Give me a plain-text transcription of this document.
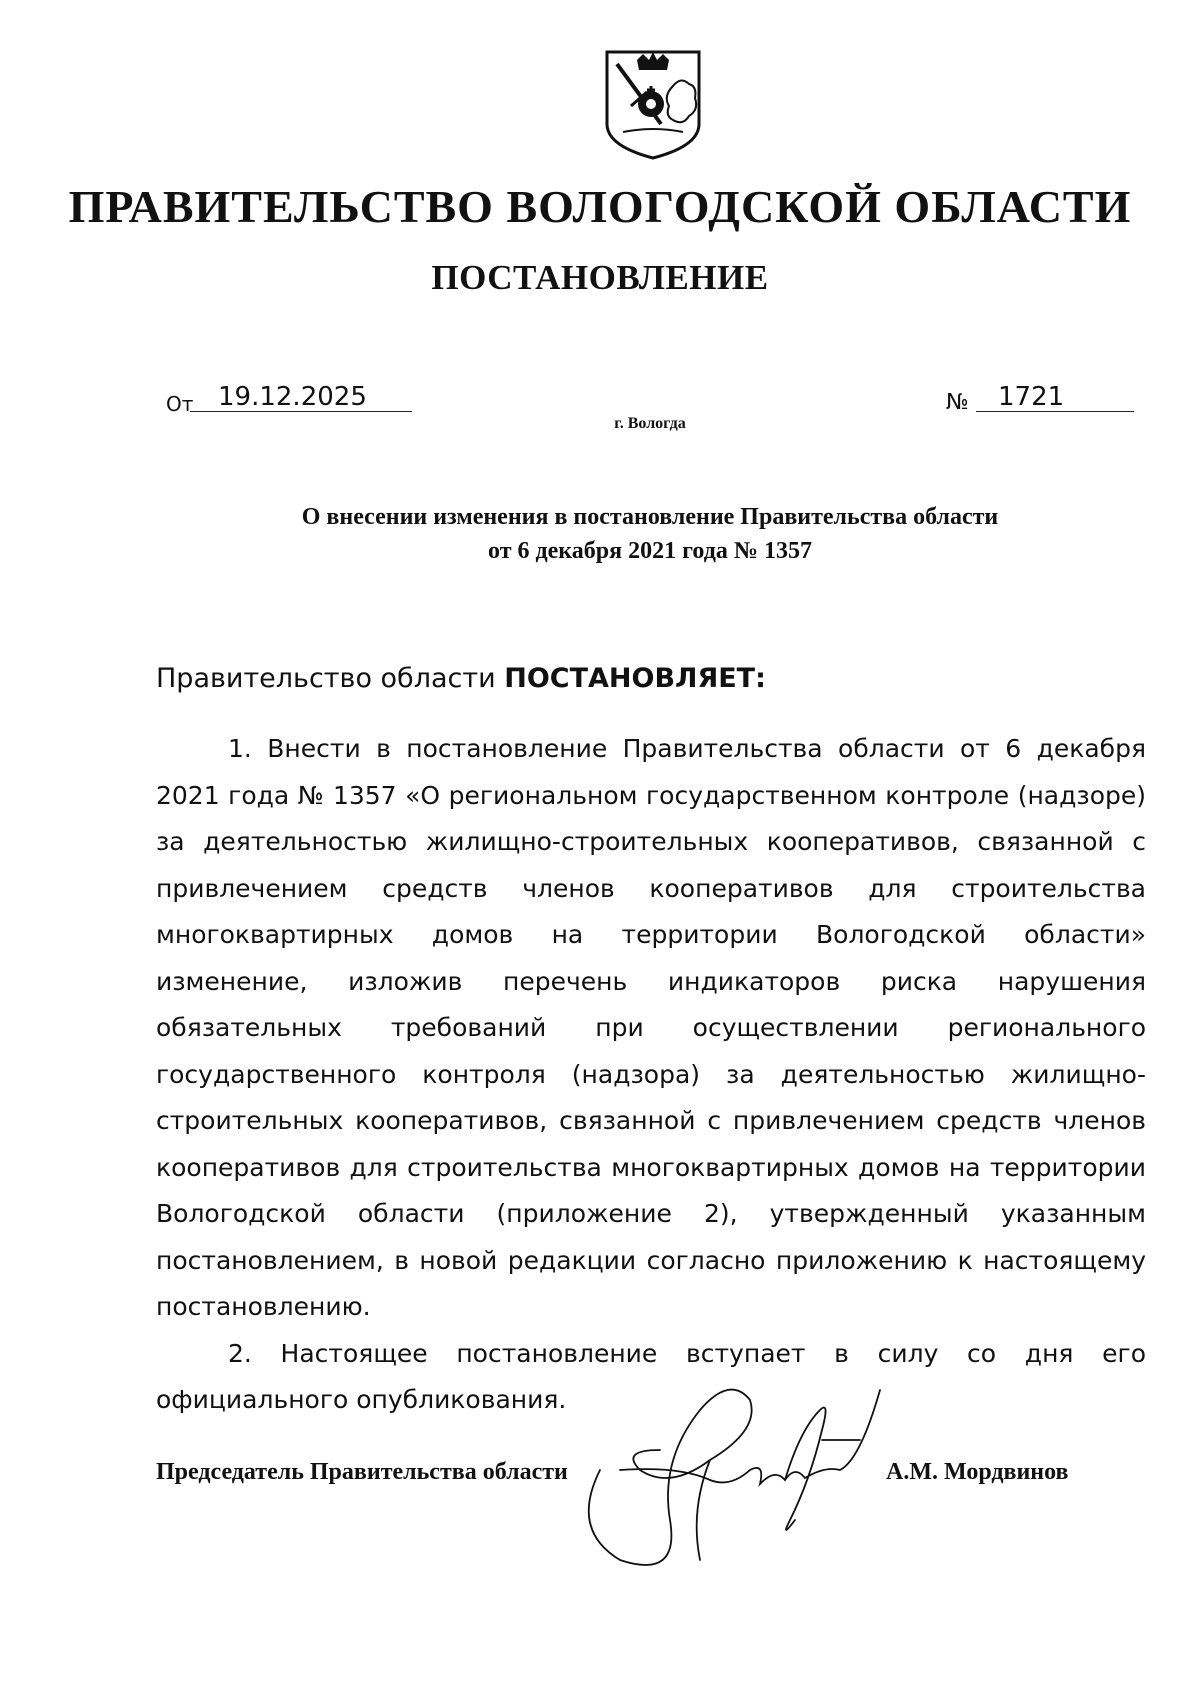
ПРАВИТЕЛЬСТВО ВОЛОГОДСКОЙ ОБЛАСТИ
ПОСТАНОВЛЕНИЕ
От 19.12.2025	№ 1721
г. Вологда
О внесении изменения в постановление Правительства области
от 6 декабря 2021 года № 1357
Правительство области ПОСТАНОВЛЯЕТ:

1. Внести в постановление Правительства области от 6 декабря 2021 года № 1357 «О региональном государственном контроле (надзоре) за деятельностью жилищно-строительных кооперативов, связанной с привлечением средств членов кооперативов для строительства многоквартирных домов на территории Вологодской области» изменение, изложив перечень индикаторов риска нарушения обязательных требований при осуществлении регионального государственного контроля (надзора) за деятельностью жилищно-строительных кооперативов, связанной с привлечением средств членов кооперативов для строительства многоквартирных домов на территории Вологодской области (приложение 2), утвержденный указанным постановлением, в новой редакции согласно приложению к настоящему постановлению.

2. Настоящее постановление вступает в силу со дня его официального опубликования.

Председатель Правительства области	А.М. Мордвинов
